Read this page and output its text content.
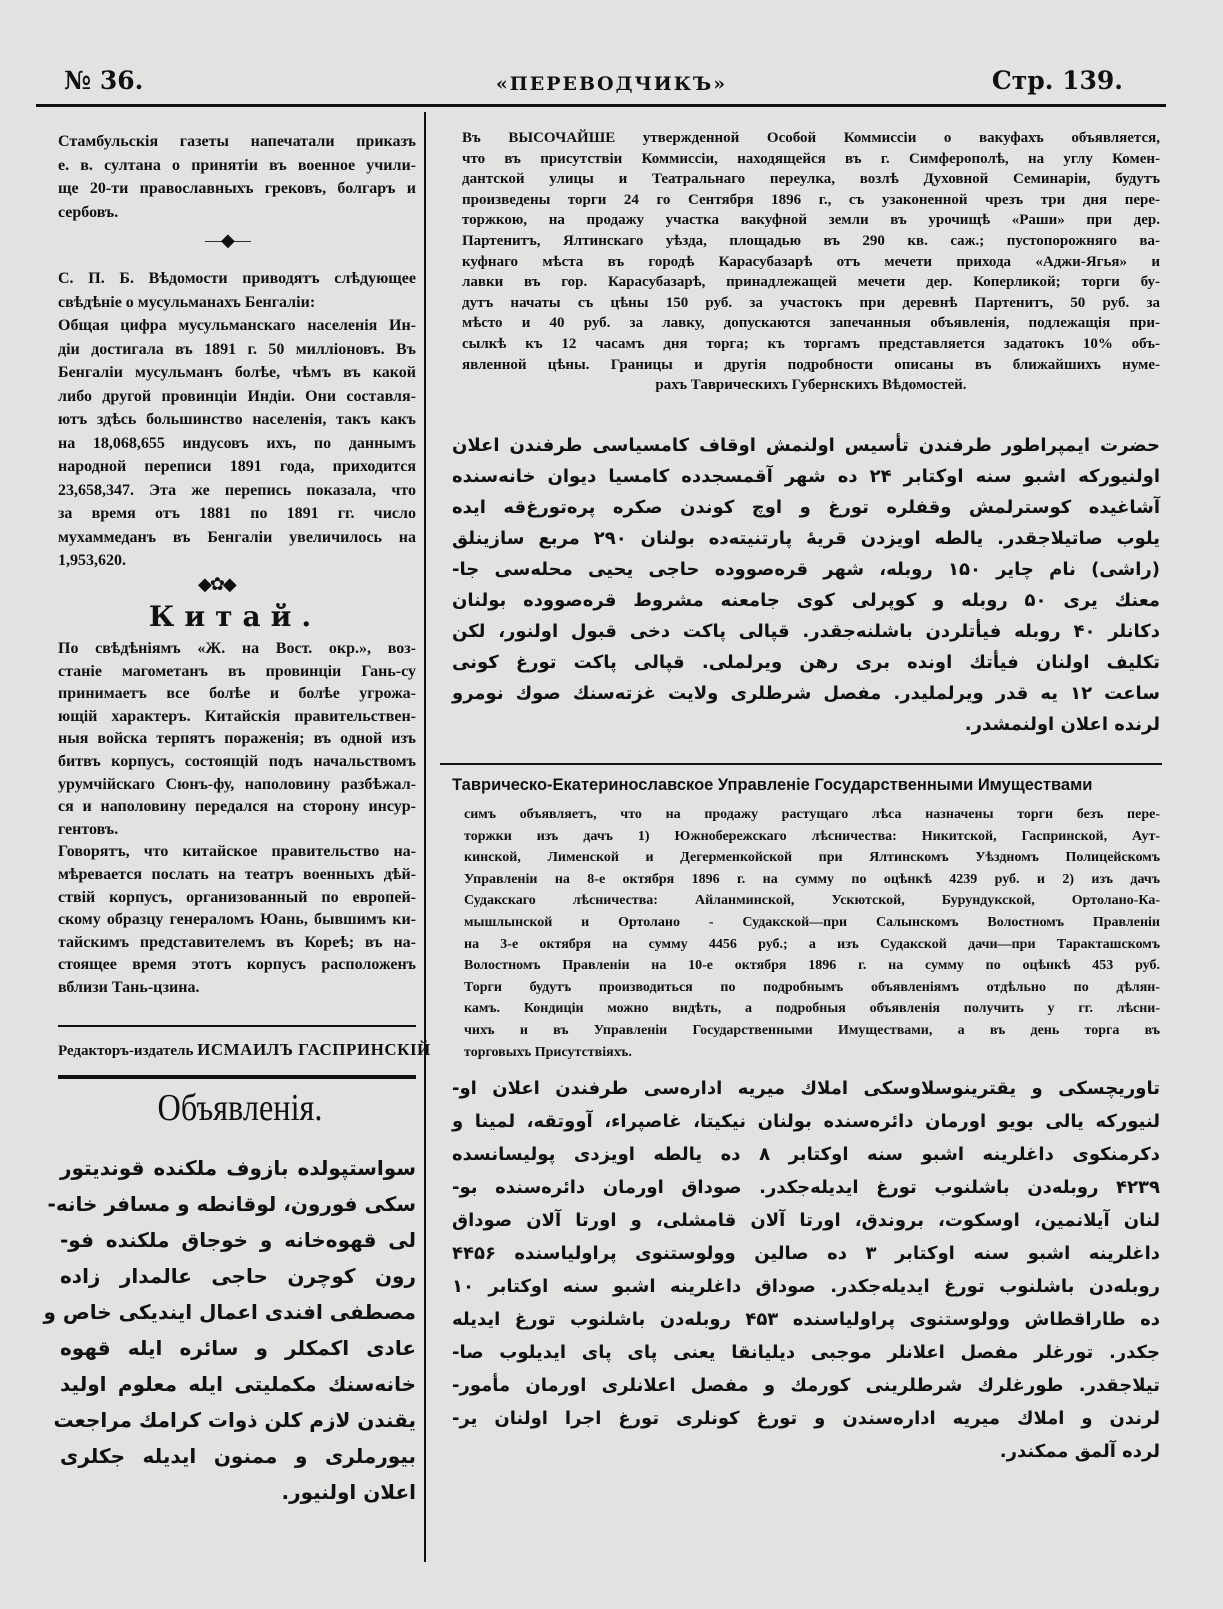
№ 36.	«ПЕРЕВОДЧИКЪ»	Стр. 139.
Стамбульскія газеты напечатали приказъ
е. в. султана о принятіи въ военное учили-
ще 20-ти православныхъ грековъ, болгаръ и
сербовъ.
—◆—
С. П. Б. Вѣдомости приводятъ слѣдующее
свѣдѣніе о мусульманахъ Бенгаліи:
Общая цифра мусульманскаго населенія Ин-
діи достигала въ 1891 г. 50 милліоновъ. Въ
Бенгаліи мусульманъ болѣе, чѣмъ въ какой
либо другой провинціи Индіи. Они составля-
ютъ здѣсь большинство населенія, такъ какъ
на 18,068,655 индусовъ ихъ, по даннымъ
народной переписи 1891 года, приходится
23,658,347. Эта же перепись показала, что
за время отъ 1881 по 1891 гг. число
мухаммеданъ въ Бенгаліи увеличилось на
1,953,620.
◆✿◆
Китай.
По свѣдѣніямъ «Ж. на Вост. окр.», воз-
станіе магометанъ въ провинціи Гань-су
принимаетъ все болѣе и болѣе угрожа-
ющій характеръ. Китайскія правительствен-
ныя войска терпятъ пораженія; въ одной изъ
битвъ корпусъ, состоящій подъ начальствомъ
урумчійскаго Сюнъ-фу, наполовину разбѣжал-
ся и наполовину передался на сторону инсур-
гентовъ.
Говорятъ, что китайское правительство на-
мѣревается послать на театръ военныхъ дѣй-
ствій корпусъ, организованный по европей-
скому образцу генераломъ Юань, бывшимъ ки-
тайскимъ представителемъ въ Кореѣ; въ на-
стоящее время этотъ корпусъ расположенъ
вблизи Тань-цзина.
Редакторъ-издатель ИСМАИЛЪ ГАСПРИНСКІЙ
Объявленія.
سواستپولده بازوف ملکنده قوندیتور
سکی فورون، لوقانطه و مسافر خانه-
لی قهوه‌خانه و خوجاق ملکنده فو-
رون کوچرن حاجی عالمدار زاده
مصطفی افندی اعمال ایندیکی خاص و
عادی اکمکلر و سائره ایله قهوه
خانه‌سنك مکملیتی ایله معلوم اولید
یقندن لازم کلن ذوات کرامك مراجعت
بیورملری و ممنون ایدیله جکلری
اعلان اولنیور.
Въ ВЫСОЧАЙШЕ утвержденной Особой Коммиссіи о вакуфахъ объявляется,
что въ присутствіи Коммиссіи, находящейся въ г. Симферополѣ, на углу Комен-
дантской улицы и Театральнаго переулка, возлѣ Духовной Семинаріи, будутъ
произведены торги 24 го Сентября 1896 г., съ узаконенной чрезъ три дня пере-
торжкою, на продажу участка вакуфной земли въ урочищѣ «Раши» при дер.
Партенитъ, Ялтинскаго уѣзда, площадью въ 290 кв. саж.; пустопорожняго ва-
куфнаго мѣста въ городѣ Карасубазарѣ отъ мечети прихода «Аджи-Ягья» и
лавки въ гор. Карасубазарѣ, принадлежащей мечети дер. Коперликой; торги бу-
дутъ начаты съ цѣны 150 руб. за участокъ при деревнѣ Партенитъ, 50 руб. за
мѣсто и 40 руб. за лавку, допускаются запечанныя объявленія, подлежащія при-
сылкѣ къ 12 часамъ дня торга; къ торгамъ представляется задатокъ 10% объ-
явленной цѣны. Границы и другія подробности описаны въ ближайшихъ нуме-
рахъ Таврическихъ Губернскихъ Вѣдомостей.
حضرت ایمپراطور طرفندن تأسیس اولنمش اوقاف کامسیاسی طرفندن اعلان
اولنیورکه اشبو سنه اوکتابر ۲۴ ده شهر آقمسجدده کامسیا دیوان خانه‌سنده
آشاغیده کوسترلمش وقفلره تورغ و اوچ کوندن صکره پره‌تورغ‌قه ایده
یلوب صاتیلاجقدر. یالطه اویزدن قریهٔ پارتنیته‌ده بولنان ۲۹۰ مربع سازینلق
(راشی) نام چایر ۱۵۰ روبله، شهر قره‌صووده حاجی یحیی محله‌سی جا-
معنك یری ۵۰ روبله و کوپرلی کوی جامعنه مشروط قره‌صووده بولنان
دکانلر ۴۰ روبله فیأتلردن باشلنه‌جقدر. قپالی پاکت دخی قبول اولنور، لکن
تکلیف اولنان فیأتك اونده بری رهن ویرلملی. قپالی پاکت تورغ کونی
ساعت ۱۲ یه قدر ویرلملیدر. مفصل شرطلری ولایت غزته‌سنك صوك نومرو
لرنده اعلان اولنمشدر.
Таврическо-Екатеринославское Управленіе Государственными Имуществами
симъ объявляетъ, что на продажу растущаго лѣса назначены торги безъ пере-
торжки изъ дачъ 1) Южнобережскаго лѣсничества: Никитской, Гаспринской, Аут-
кинской, Лименской и Дегерменкойской при Ялтинскомъ Уѣздномъ Полицейскомъ
Управленіи на 8-е октября 1896 г. на сумму по оцѣнкѣ 4239 руб. и 2) изъ дачъ
Судакскаго лѣсничества: Айланминской, Ускютской, Бурундукской, Ортолано-Ка-
мышлынской и Ортолано - Судакской—при Салынскомъ Волостномъ Правленіи
на 3-е октября на сумму 4456 руб.; а изъ Судакской дачи—при Таракташскомъ
Волостномъ Правленіи на 10-е октября 1896 г. на сумму по оцѣнкѣ 453 руб.
Торги будутъ производиться по подробнымъ объявленіямъ отдѣльно по дѣлян-
камъ. Кондиціи можно видѣть, а подробныя объявленія получить у гг. лѣсни-
чихъ и въ Управленіи Государственными Имуществами, а въ день торга въ
торговыхъ Присутствіяхъ.
تاوریچسکی و یقترینوسلاوسکی املاك میریه اداره‌سی طرفندن اعلان او-
لنیورکه یالی بویو اورمان دائره‌سنده بولنان نیکیتا، غاصپراء، آووتقه، لمینا و
دکرمنکوی داغلرینه اشبو سنه اوکتابر ۸ ده یالطه اویزدی پولیسانسده
۴۲۳۹ روبله‌دن باشلنوب تورغ ایدیله‌جکدر. صوداق اورمان دائره‌سنده بو-
لنان آیلانمین، اوسکوت، بروندق، اورتا آلان قامشلی، و اورتا آلان صوداق
داغلرینه اشبو سنه اوکتابر ۳ ده صالین وولوستنوی پراولیاسنده ۴۴۵۶
روبله‌دن باشلنوب تورغ ایدیله‌جکدر. صوداق داغلرینه اشبو سنه اوکتابر ۱۰
ده طاراقطاش وولوستنوی پراولیاسنده ۴۵۳ روبله‌دن باشلنوب تورغ ایدیله
جکدر. تورغلر مفصل اعلانلر موجبی دیلیانقا یعنی پای پای ایدیلوب صا-
تیلاجقدر. طورغلرك شرطلرینی کورمك و مفصل اعلانلری اورمان مأمور-
لرندن و املاك میریه اداره‌سندن و تورغ کونلری تورغ اجرا اولنان یر-
لرده آلمق ممکندر.
